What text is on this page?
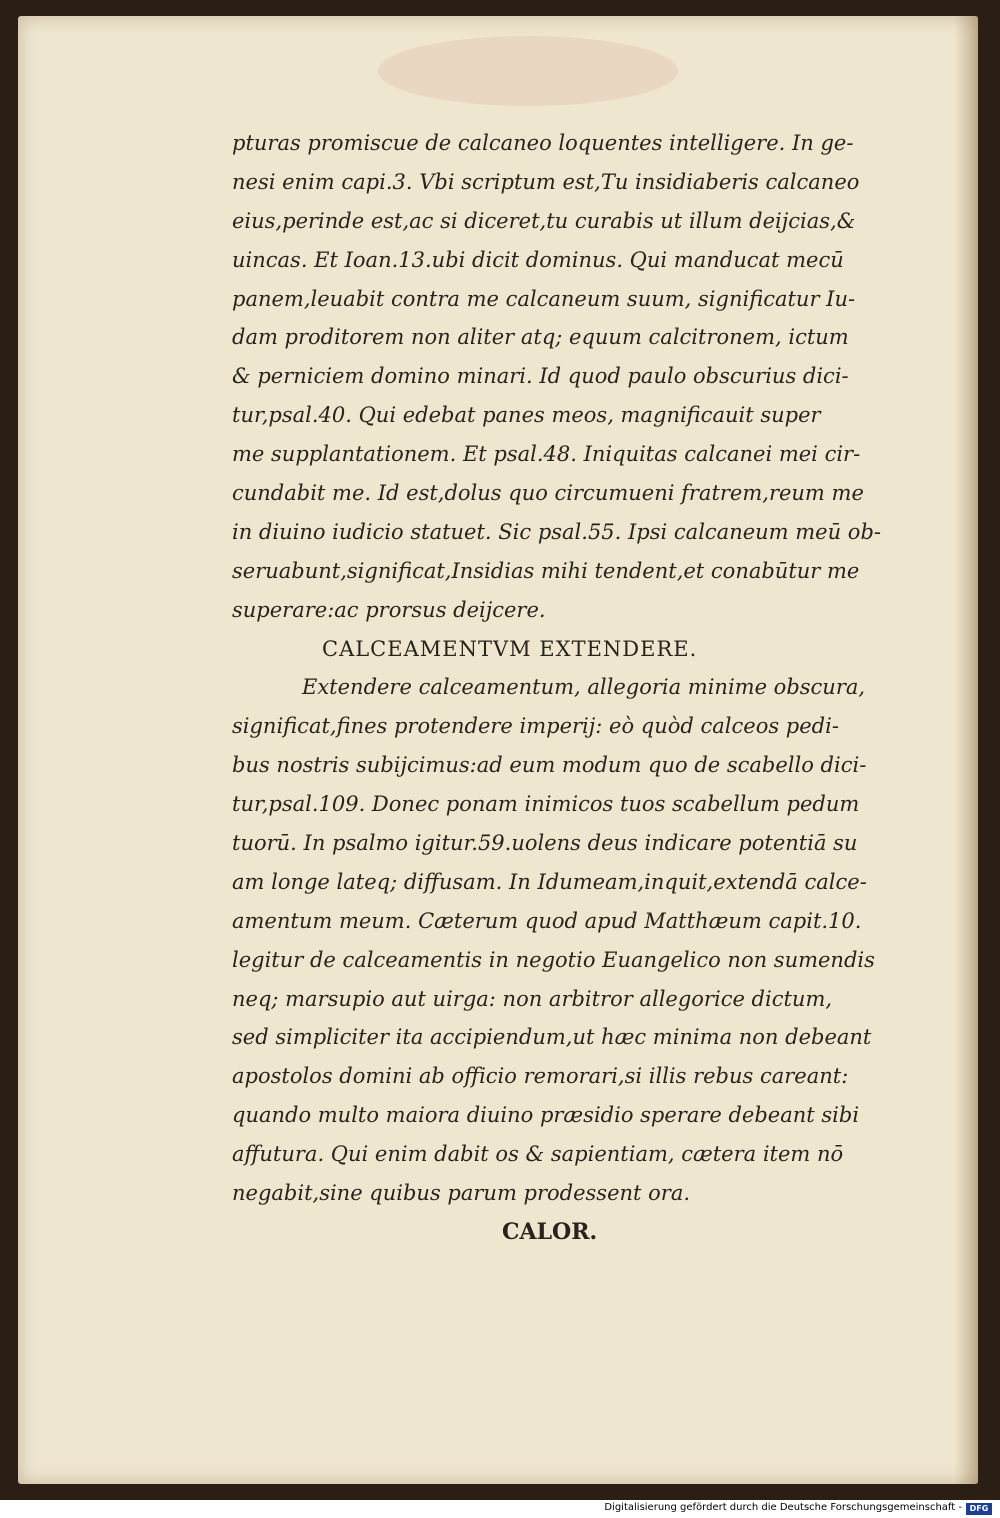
pturas promiscue de calcaneo loquentes intelligere. In ge-
nesi enim capi.3. Vbi scriptum est,Tu insidiaberis calcaneo
eius,perinde est,ac si diceret,tu curabis ut illum deijcias,&
uincas. Et Ioan.13.ubi dicit dominus. Qui manducat mecū
panem,leuabit contra me calcaneum suum, significatur Iu-
dam proditorem non aliter atq; equum calcitronem, ictum
& perniciem domino minari. Id quod paulo obscurius dici-
tur,psal.40. Qui edebat panes meos, magnificauit super
me supplantationem. Et psal.48. Iniquitas calcanei mei cir-
cundabit me. Id est,dolus quo circumueni fratrem,reum me
in diuino iudicio statuet. Sic psal.55. Ipsi calcaneum meū ob-
seruabunt,significat,Insidias mihi tendent,et conabūtur me
superare:ac prorsus deijcere.
CALCEAMENTVM EXTENDERE.
Extendere calceamentum, allegoria minime obscura,
significat,fines protendere imperij: eò quòd calceos pedi-
bus nostris subijcimus:ad eum modum quo de scabello dici-
tur,psal.109. Donec ponam inimicos tuos scabellum pedum
tuorū. In psalmo igitur.59.uolens deus indicare potentiā su
am longe lateq; diffusam. In Idumeam,inquit,extendā calce-
amentum meum. Cæterum quod apud Matthæum capit.10.
legitur de calceamentis in negotio Euangelico non sumendis
neq; marsupio aut uirga: non arbitror allegorice dictum,
sed simpliciter ita accipiendum,ut hæc minima non debeant
apostolos domini ab officio remorari,si illis rebus careant:
quando multo maiora diuino præsidio sperare debeant sibi
affutura. Qui enim dabit os & sapientiam, cætera item nō
negabit,sine quibus parum prodessent ora.
CALOR.
Digitalisierung gefördert durch die Deutsche Forschungsgemeinschaft - DFG
